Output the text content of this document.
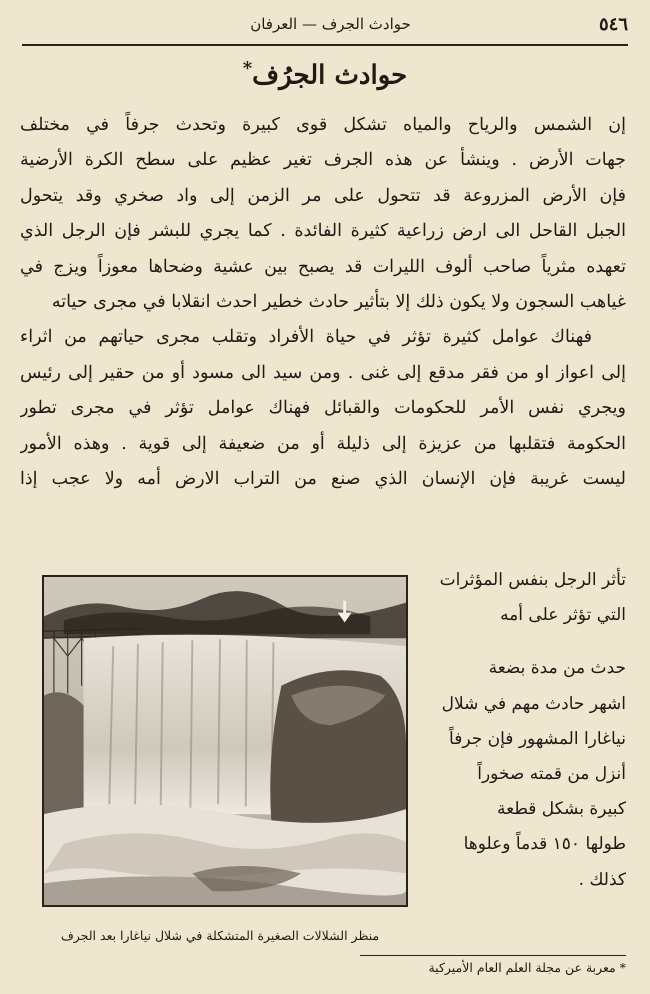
٥٤٦
حوادث الجرف — العرفان
حوادث الجرُف*
إن الشمس والرياح والمياه تشكل قوى كبيرة وتحدث جرفاً في مختلف
جهات الأرض . وينشأ عن هذه الجرف تغير عظيم على سطح الكرة الأرضية
فإن الأرض المزروعة قد تتحول على مر الزمن إلى واد صخري وقد يتحول
الجبل القاحل الى ارض زراعية كثيرة الفائدة . كما يجري للبشر فإن الرجل الذي
تعهده مثرياً صاحب ألوف الليرات قد يصبح بين عشية وضحاها معوزاً ويزج في
غياهب السجون ولا يكون ذلك إلا بتأثير حادث خطير احدث انقلابا في مجرى حياته
فهناك عوامل كثيرة تؤثر في حياة الأفراد وتقلب مجرى حياتهم من اثراء
إلى اعواز او من فقر مدقع إلى غنى . ومن سيد الى مسود أو من حقير إلى رئيس
ويجري نفس الأمر للحكومات والقبائل فهناك عوامل تؤثر في مجرى تطور
الحكومة فتقلبها من عزيزة إلى ذليلة أو من ضعيفة إلى قوية . وهذه الأمور
ليست غريبة فإن الإنسان الذي صنع من التراب الارض أمه ولا عجب إذا
منظر الشلالات الصغيرة المتشكلة في شلال نياغارا بعد الجرف
تأثر الرجل بنفس المؤثرات
التي تؤثر على أمه
حدث من مدة بضعة
اشهر حادث مهم في شلال
نياغارا المشهور فإن جرفاً
أنزل من قمته صخوراً
كبيرة بشكل قطعة
طولها ١٥٠ قدماً وعلوها
كذلك .
* معربة عن مجلة العلم العام الأميركية
